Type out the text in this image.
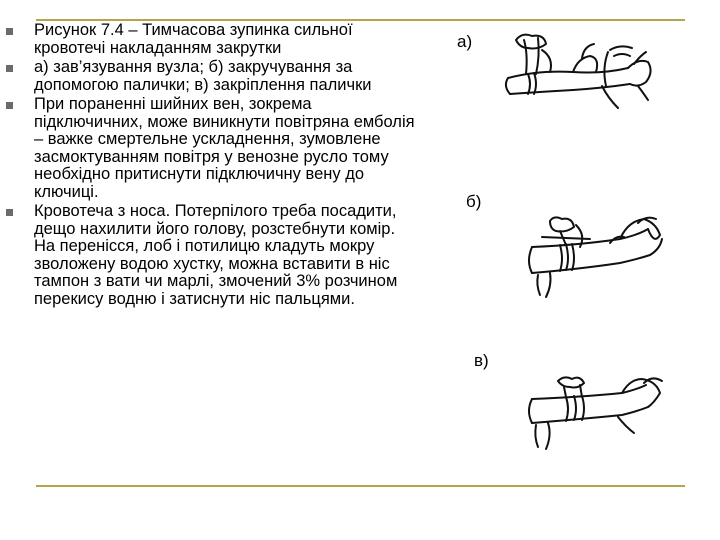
Рисунок 7.4 – Тимчасова зупинка сильної кровотечі накладанням закрутки
а) зав’язування вузла; б) закручування за допомогою палички; в) закріплення палички
При пораненні шийних вен, зокрема підключичних, може виникнути повітряна емболія – важке смертельне ускладнення, зумовлене засмоктуванням повітря у венозне русло тому необхідно притиснути підключичну вену до ключиці.
Кровотеча з носа. Потерпілого треба посадити, дещо нахилити його голову, розстебнути комір. На перенісся, лоб і потилицю кладуть мокру зволожену водою хустку, можна вставити в ніс тампон з вати чи марлі, змочений 3% розчином перекису водню і затиснути ніс пальцями.
а)
б)
в)
